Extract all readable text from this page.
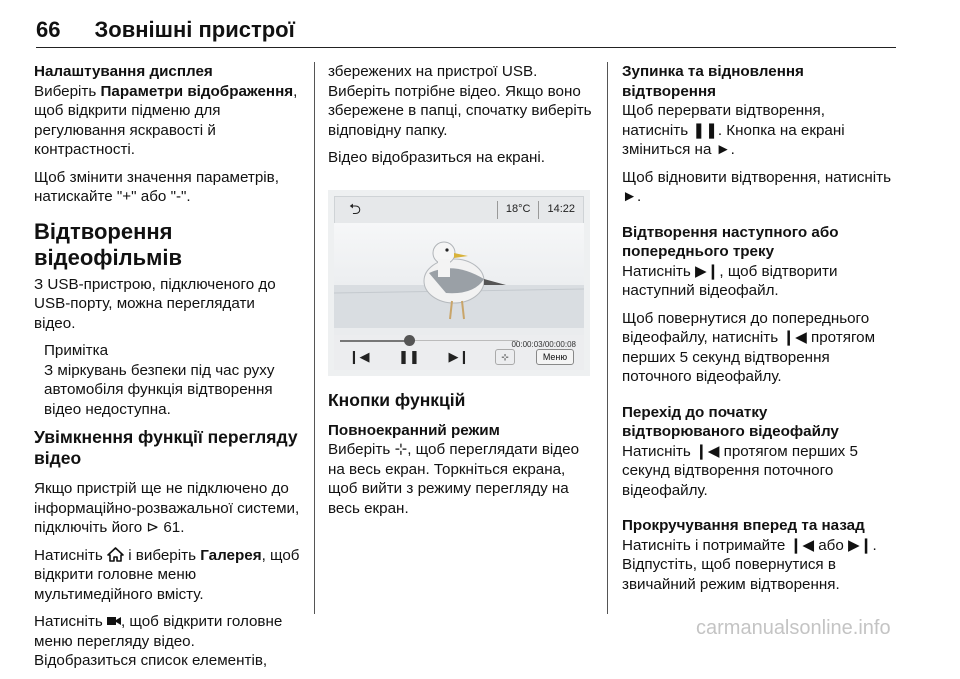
66 Зовнішні пристрої
Налаштування дисплея

Виберіть Параметри відображення, щоб відкрити підменю для регулювання яскравості й контрастності.

Щоб змінити значення параметрів, натискайте "+" або "-".

Відтворення відеофільмів

З USB-пристрою, підключеного до USB-порту, можна переглядати відео.

Примітка

З міркувань безпеки під час руху автомобіля функція відтворення відео недоступна.

Увімкнення функції перегляду відео

Якщо пристрій ще не підключено до інформаційно-розважальної системи, підключіть його ⊳ 61.

Натисніть  і виберіть Галерея, щоб відкрити головне меню мультимедійного вмісту.

Натисніть , щоб відкрити головне меню перегляду відео.
Відобразиться список елементів,

збережених на пристрої USB. Виберіть потрібне відео. Якщо воно збережене в папці, спочатку виберіть відповідну папку.

Відео відобразиться на екрані.

⮌	18°C	14:22
00:00:03/00:00:08
❙◀	❚❚	▶❙	⊹	Меню
Кнопки функцій
Повноекранний режим

Виберіть ⊹, щоб переглядати відео на весь екран. Торкніться екрана, щоб вийти з режиму перегляду на весь екран.

Зупинка та відновлення відтворення

Щоб перервати відтворення, натисніть ❚❚. Кнопка на екрані зміниться на ►.

Щоб відновити відтворення, натисніть ►.

Відтворення наступного або попереднього треку

Натисніть ▶❙, щоб відтворити наступний відеофайл.

Щоб повернутися до попереднього відеофайлу, натисніть ❙◀ протягом перших 5 секунд відтворення поточного відеофайлу.

Перехід до початку відтворюваного відеофайлу

Натисніть ❙◀ протягом перших 5 секунд відтворення поточного відеофайлу.

Прокручування вперед та назад

Натисніть і потримайте ❙◀ або ▶❙.
Відпустіть, щоб повернутися в звичайний режим відтворення.

carmanualsonline.info
